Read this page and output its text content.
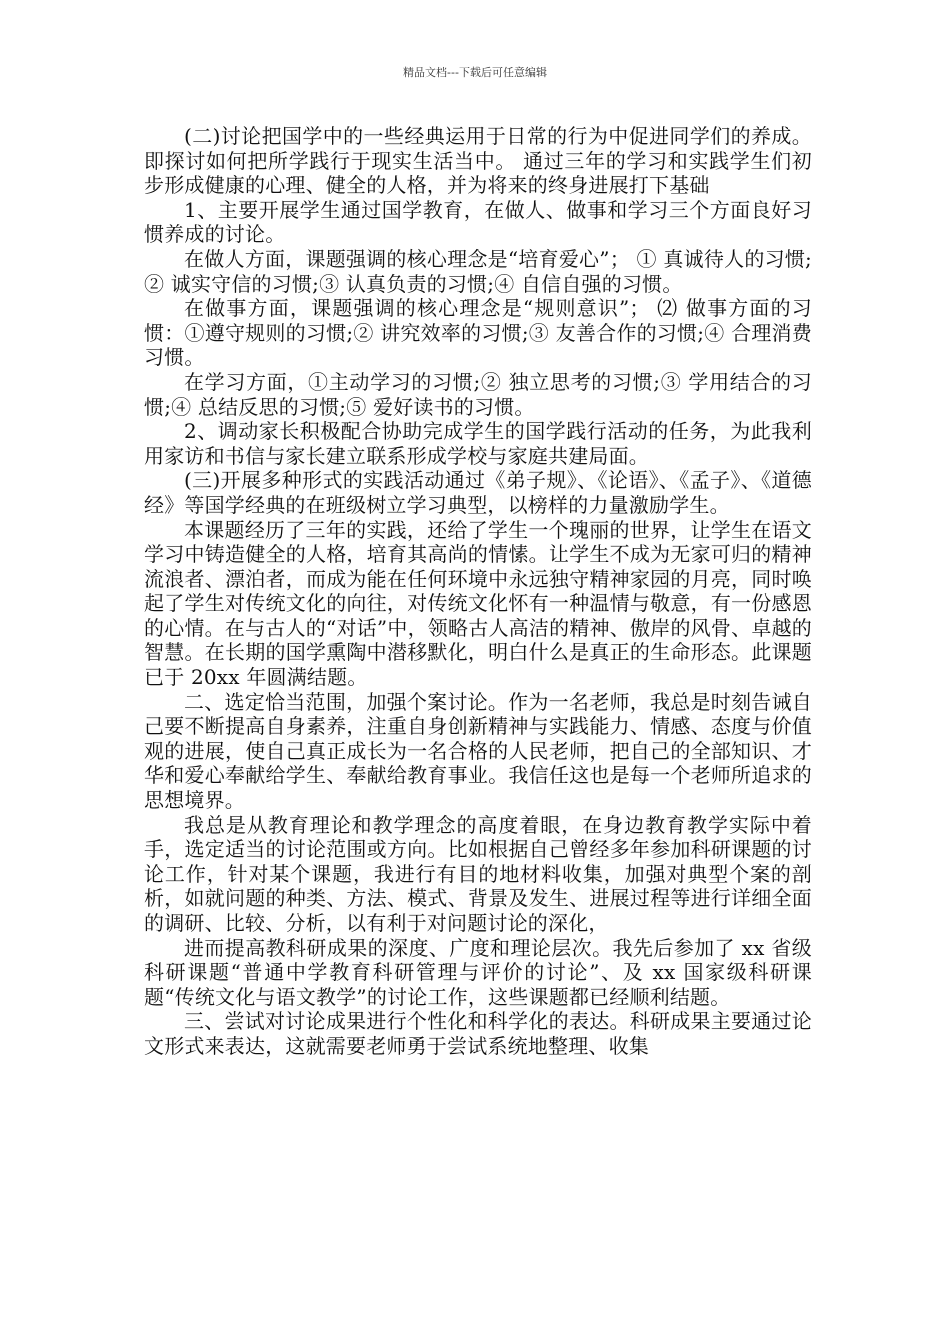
精品文档---下载后可任意编辑

(二)讨论把国学中的一些经典运用于日常的行为中促进同学们的养成。即探讨如何把所学践行于现实生活当中。 通过三年的学习和实践学生们初步形成健康的心理、健全的人格，并为将来的终身进展打下基础

1、主要开展学生通过国学教育，在做人、做事和学习三个方面良好习惯养成的讨论。

在做人方面，课题强调的核心理念是“培育爱心”； ① 真诚待人的习惯;② 诚实守信的习惯;③ 认真负责的习惯;④ 自信自强的习惯。

在做事方面，课题强调的核心理念是“规则意识”； ⑵ 做事方面的习惯：①遵守规则的习惯;② 讲究效率的习惯;③ 友善合作的习惯;④ 合理消费习惯。

在学习方面，①主动学习的习惯;② 独立思考的习惯;③ 学用结合的习惯;④ 总结反思的习惯;⑤ 爱好读书的习惯。

2、调动家长积极配合协助完成学生的国学践行活动的任务，为此我利用家访和书信与家长建立联系形成学校与家庭共建局面。

(三)开展多种形式的实践活动通过《弟子规》、《论语》、《孟子》、《道德经》等国学经典的在班级树立学习典型，以榜样的力量激励学生。

本课题经历了三年的实践，还给了学生一个瑰丽的世界，让学生在语文学习中铸造健全的人格，培育其高尚的情愫。让学生不成为无家可归的精神流浪者、漂泊者，而成为能在任何环境中永远独守精神家园的月亮，同时唤起了学生对传统文化的向往，对传统文化怀有一种温情与敬意，有一份感恩的心情。在与古人的“对话”中，领略古人高洁的精神、傲岸的风骨、卓越的智慧。在长期的国学熏陶中潜移默化，明白什么是真正的生命形态。此课题已于 20xx 年圆满结题。

二、选定恰当范围，加强个案讨论。作为一名老师，我总是时刻告诫自己要不断提高自身素养，注重自身创新精神与实践能力、情感、态度与价值观的进展，使自己真正成长为一名合格的人民老师，把自己的全部知识、才华和爱心奉献给学生、奉献给教育事业。我信任这也是每一个老师所追求的思想境界。

我总是从教育理论和教学理念的高度着眼，在身边教育教学实际中着手，选定适当的讨论范围或方向。比如根据自己曾经多年参加科研课题的讨论工作，针对某个课题，我进行有目的地材料收集，加强对典型个案的剖析，如就问题的种类、方法、模式、背景及发生、进展过程等进行详细全面的调研、比较、分析，以有利于对问题讨论的深化，

进而提高教科研成果的深度、广度和理论层次。我先后参加了 xx 省级科研课题“普通中学教育科研管理与评价的讨论”、及 xx 国家级科研课题“传统文化与语文教学”的讨论工作，这些课题都已经顺利结题。

三、尝试对讨论成果进行个性化和科学化的表达。科研成果主要通过论文形式来表达，这就需要老师勇于尝试系统地整理、收集
